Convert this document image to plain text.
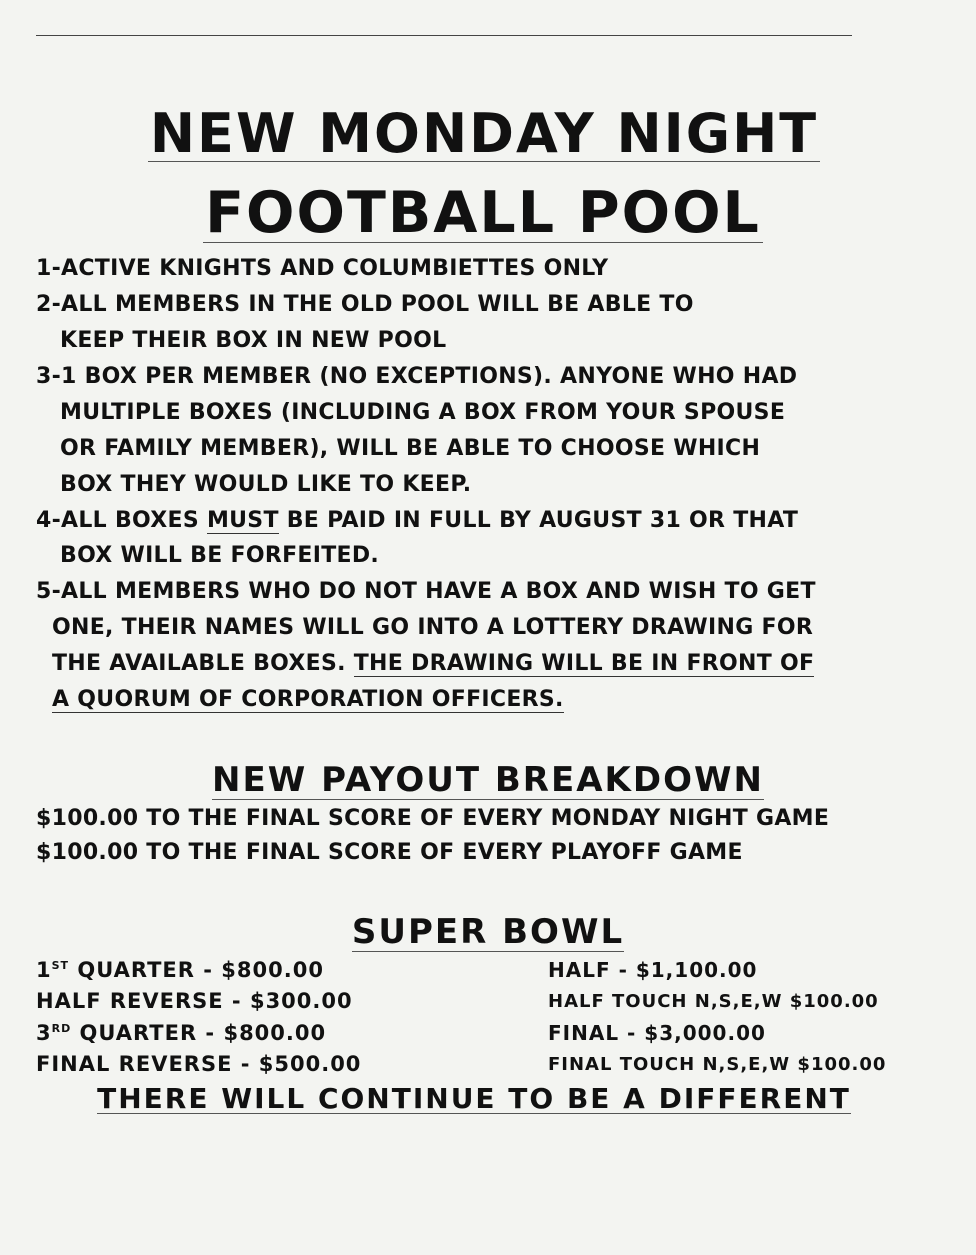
NEW MONDAY NIGHT
FOOTBALL POOL
1-ACTIVE KNIGHTS AND COLUMBIETTES ONLY
2-ALL MEMBERS IN THE OLD POOL WILL BE ABLE TO
KEEP THEIR BOX IN NEW POOL
3-1 BOX PER MEMBER (NO EXCEPTIONS). ANYONE WHO HAD
MULTIPLE BOXES (INCLUDING A BOX FROM YOUR SPOUSE
OR FAMILY MEMBER), WILL BE ABLE TO CHOOSE WHICH
BOX THEY WOULD LIKE TO KEEP.
4-ALL BOXES MUST BE PAID IN FULL BY AUGUST 31 OR THAT
BOX WILL BE FORFEITED.
5-ALL MEMBERS WHO DO NOT HAVE A BOX AND WISH TO GET
ONE, THEIR NAMES WILL GO INTO A LOTTERY DRAWING FOR
THE AVAILABLE BOXES. THE DRAWING WILL BE IN FRONT OF
A QUORUM OF CORPORATION OFFICERS.
NEW PAYOUT BREAKDOWN
$100.00 TO THE FINAL SCORE OF EVERY MONDAY NIGHT GAME
$100.00 TO THE FINAL SCORE OF EVERY PLAYOFF GAME
SUPER BOWL
1ST QUARTER - $800.00
HALF REVERSE - $300.00
3RD QUARTER - $800.00
FINAL REVERSE - $500.00
HALF - $1,100.00
HALF TOUCH N,S,E,W $100.00
FINAL - $3,000.00
FINAL TOUCH N,S,E,W $100.00
THERE WILL CONTINUE TO BE A DIFFERENT
